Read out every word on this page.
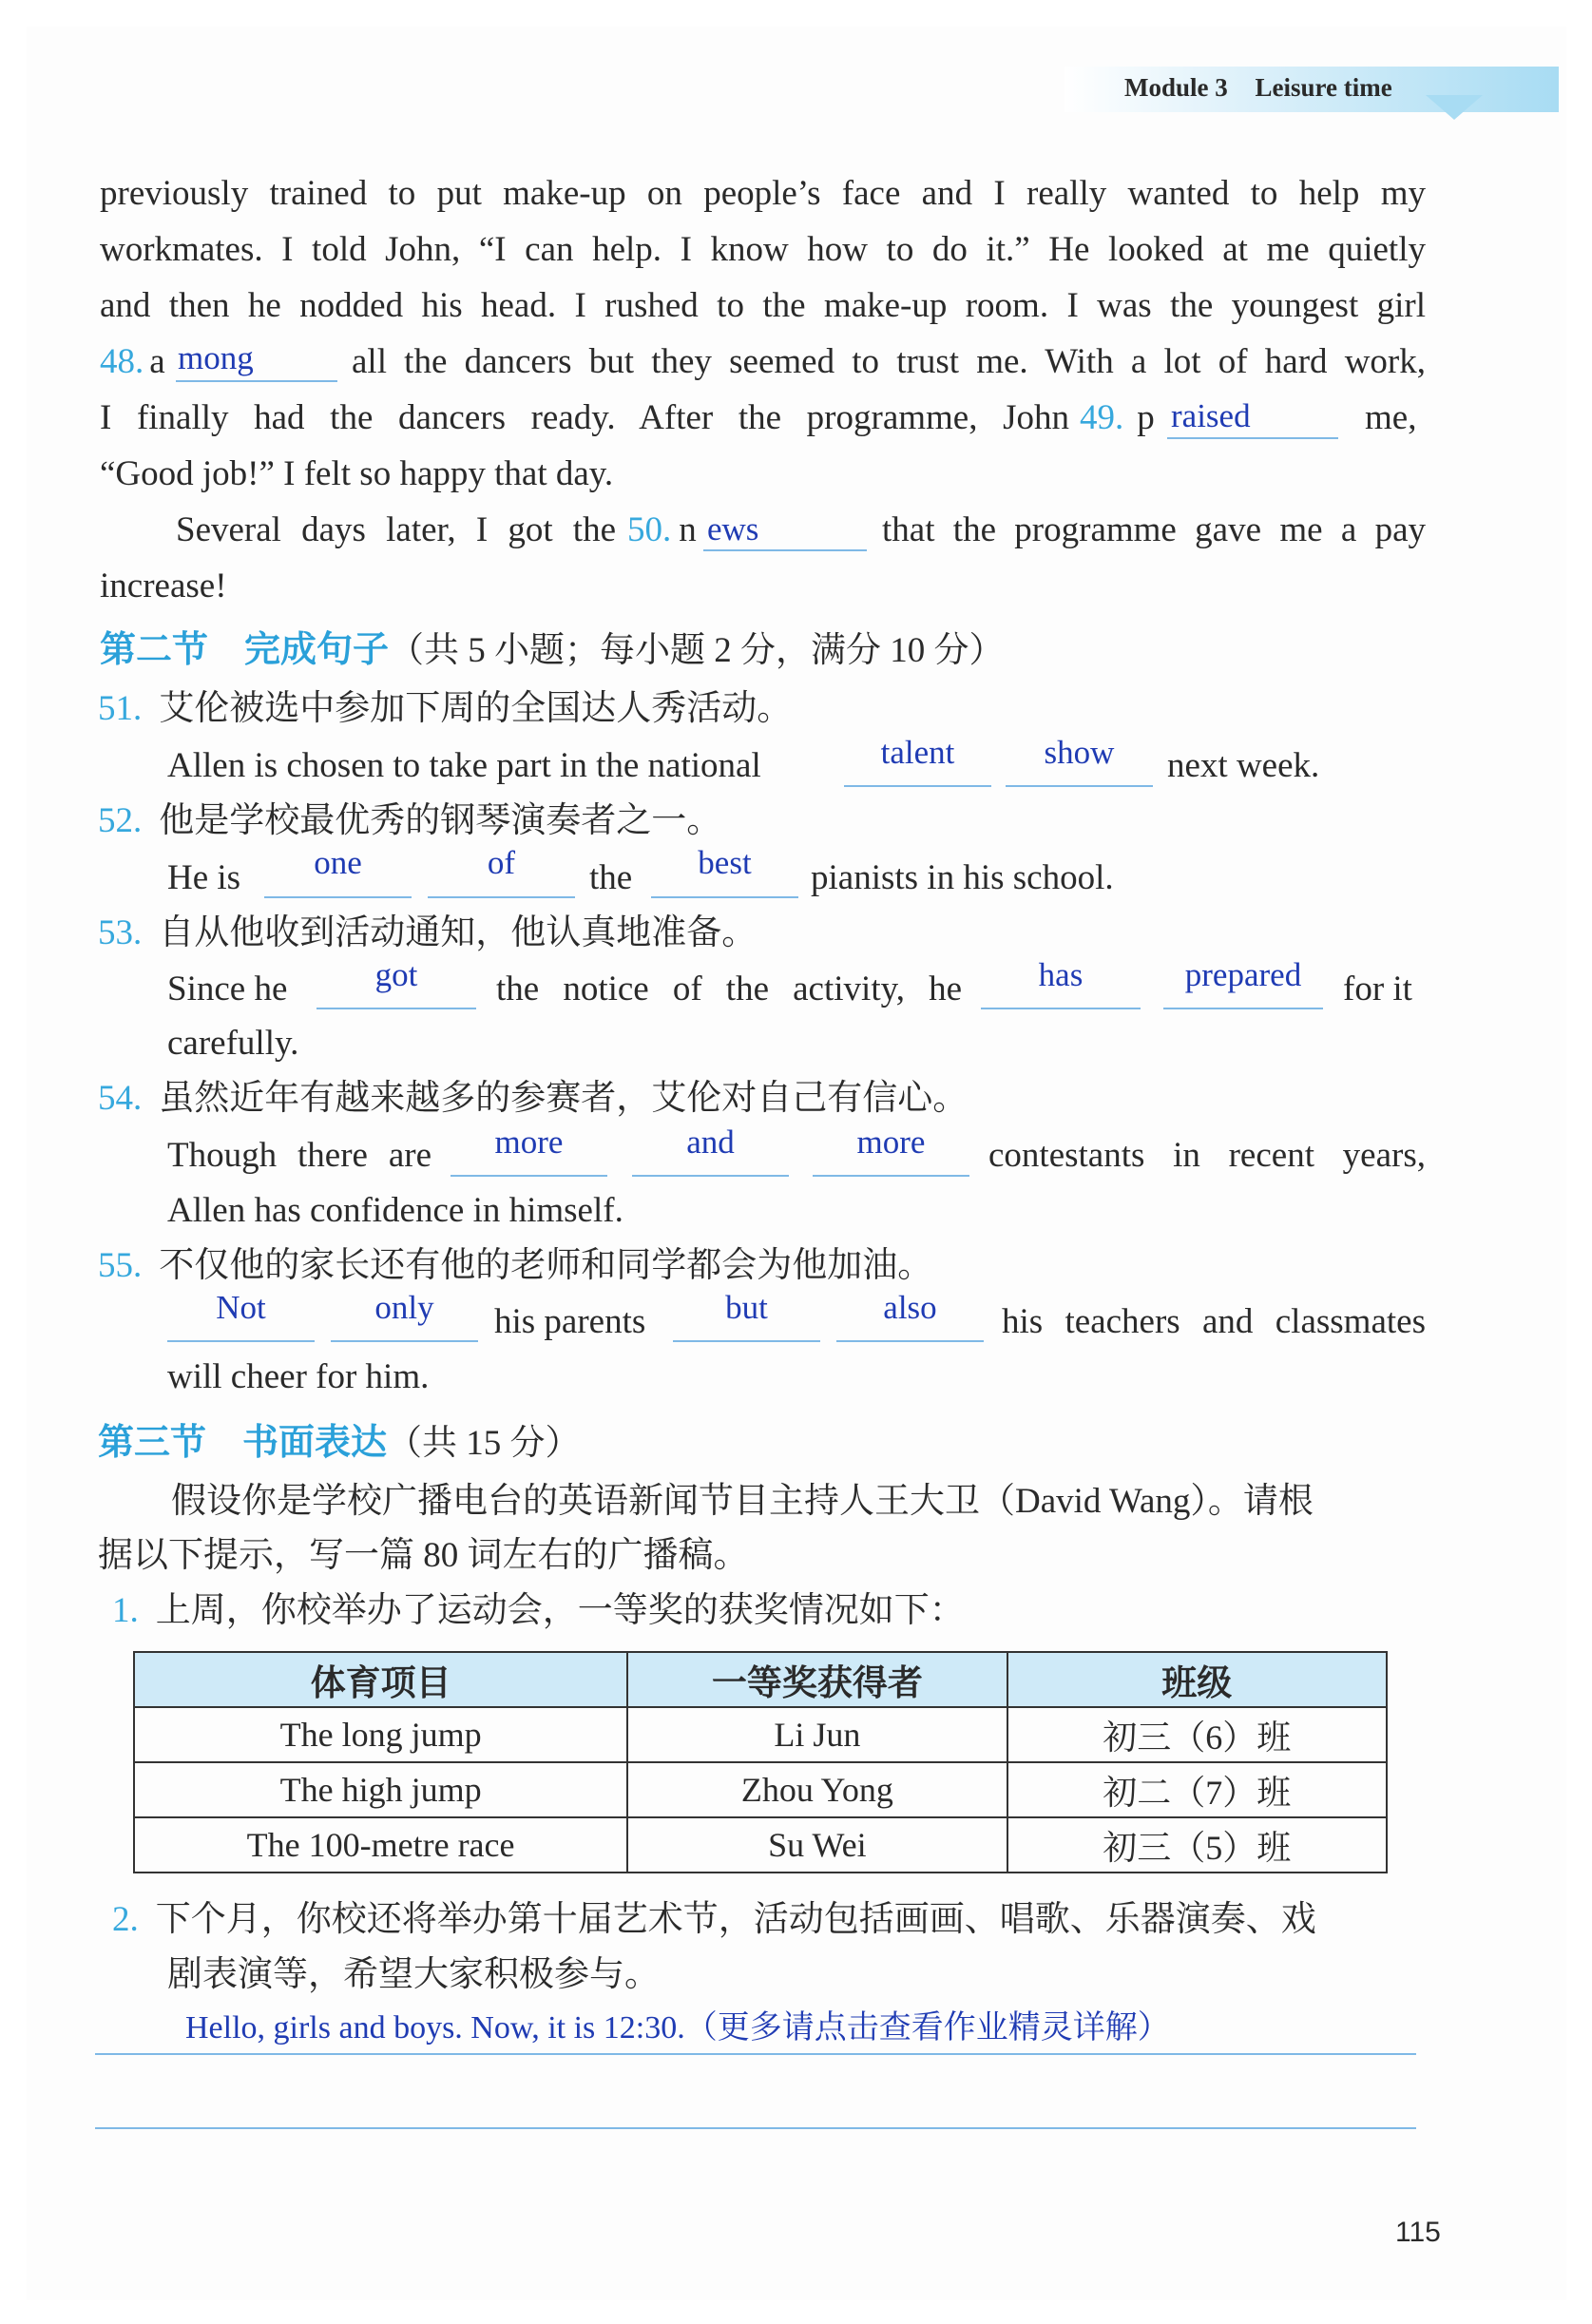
Module 3 Leisure time
previously trained to put make-up on people’s face and I really wanted to help my
workmates. I told John, “I can help. I know how to do it.” He looked at me quietly
and then he nodded his head. I rushed to the make-up room. I was the youngest girl
48. a mong	all the dancers but they seemed to trust me. With a lot of hard work,
I finally had the dancers ready. After the programme, John 49. p raised	me,
“Good job!” I felt so happy that day.
Several days later, I got the 50. n ews	that the programme gave me a pay
increase!
第二节　完成句子（共 5 小题；每小题 2 分，满分 10 分）
51. 艾伦被选中参加下周的全国达人秀活动。
Allen is chosen to take part in the national	talent	show	next week.
52. 他是学校最优秀的钢琴演奏者之一。
He is	one	of	the	best	pianists in his school.
53. 自从他收到活动通知，他认真地准备。
Since he	got	the notice of the activity, he	has	prepared	for it
carefully.
54. 虽然近年有越来越多的参赛者，艾伦对自己有信心。
Though there are	more	and	more	contestants in recent years,
Allen has confidence in himself.
55. 不仅他的家长还有他的老师和同学都会为他加油。
Not	only	his parents	but	also	his teachers and classmates
will cheer for him.
第三节　书面表达（共 15 分）
假设你是学校广播电台的英语新闻节目主持人王大卫（David Wang）。请根
据以下提示，写一篇 80 词左右的广播稿。
1. 上周，你校举办了运动会，一等奖的获奖情况如下：
体育项目	一等奖获得者	班级
The long jump	Li Jun	初三（6）班
The high jump	Zhou Yong	初二（7）班
The 100-metre race	Su Wei	初三（5）班
2. 下个月，你校还将举办第十届艺术节，活动包括画画、唱歌、乐器演奏、戏
剧表演等，希望大家积极参与。
Hello, girls and boys. Now, it is 12:30.（更多请点击查看作业精灵详解）
115
